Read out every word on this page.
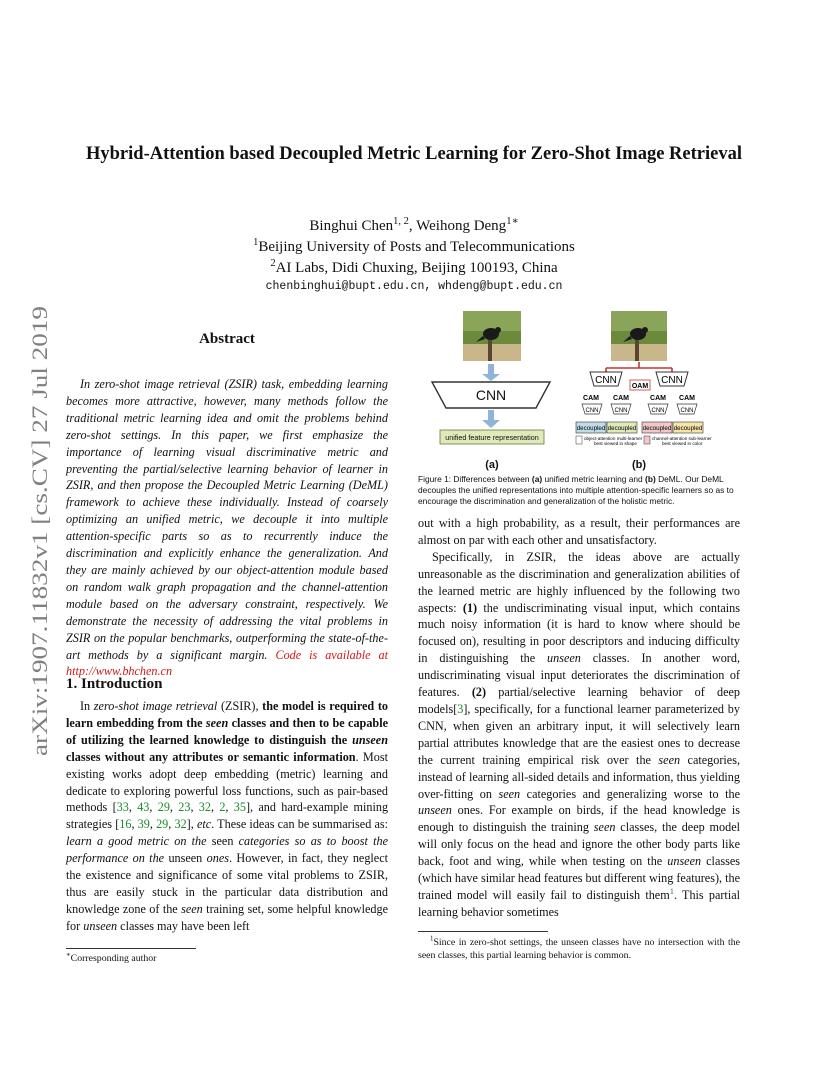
arXiv:1907.11832v1 [cs.CV] 27 Jul 2019
Hybrid-Attention based Decoupled Metric Learning for Zero-Shot Image Retrieval
Binghui Chen$^{1, 2}$, Weihong Deng$^{1∗}$
$^1$Beijing University of Posts and Telecommunications
$^2$AI Labs, Didi Chuxing, Beijing 100193, China
chenbinghui@bupt.edu.cn, whdeng@bupt.edu.cn
Abstract

In zero-shot image retrieval (ZSIR) task, embedding learning becomes more attractive, however, many methods follow the traditional metric learning idea and omit the problems behind zero-shot settings. In this paper, we first emphasize the importance of learning visual discriminative metric and preventing the partial/selective learning behavior of learner in ZSIR, and then propose the Decoupled Metric Learning (DeML) framework to achieve these individually. Instead of coarsely optimizing an unified metric, we decouple it into multiple attention-specific parts so as to recurrently induce the discrimination and explicitly enhance the generalization. And they are mainly achieved by our object-attention module based on random walk graph propagation and the channel-attention module based on the adversary constraint, respectively. We demonstrate the necessity of addressing the vital problems in ZSIR on the popular benchmarks, outperforming the state-of-the-art methods by a significant margin. Code is available at http://www.bhchen.cn

1. Introduction

In zero-shot image retrieval (ZSIR), the model is required to learn embedding from the seen classes and then to be capable of utilizing the learned knowledge to distinguish the unseen classes without any attributes or semantic information. Most existing works adopt deep embedding (metric) learning and dedicate to exploring powerful loss functions, such as pair-based methods [33, 43, 29, 23, 32, 2, 35], and hard-example mining strategies [16, 39, 29, 32], etc. These ideas can be summarised as: learn a good metric on the seen categories so as to boost the performance on the unseen ones. However, in fact, they neglect the existence and significance of some vital problems to ZSIR, thus are easily stuck in the particular data distribution and knowledge zone of the seen training set, some helpful knowledge for unseen classes may have been left

∗Corresponding author
CNN
unified feature representation
(a)
CNN	CNN
OAM
CAM CAM	CAM CAM
CNN	CNN	CNN	CNN
decoupled decoupled decoupled decoupled
object-attention multi-learner
best viewed in shape
channel-attention sub-learner
best viewed in color
(b)
Figure 1: Differences between (a) unified metric learning and (b) DeML. Our DeML decouples the unified representations into multiple attention-specific learners so as to encourage the discrimination and generalization of the holistic metric.

out with a high probability, as a result, their performances are almost on par with each other and unsatisfactory.

Specifically, in ZSIR, the ideas above are actually unreasonable as the discrimination and generalization abilities of the learned metric are highly influenced by the following two aspects: (1) the undiscriminating visual input, which contains much noisy information (it is hard to know where should be focused on), resulting in poor descriptors and inducing difficulty in distinguishing the unseen classes. In another word, undiscriminating visual input deteriorates the discrimination of features. (2) partial/selective learning behavior of deep models[3], specifically, for a functional learner parameterized by CNN, when given an arbitrary input, it will selectively learn partial attributes knowledge that are the easiest ones to decrease the current training empirical risk over the seen categories, instead of learning all-sided details and information, thus yielding over-fitting on seen categories and generalizing worse to the unseen ones. For example on birds, if the head knowledge is enough to distinguish the training seen classes, the deep model will only focus on the head and ignore the other body parts like back, foot and wing, while when testing on the unseen classes (which have similar head features but different wing features), the trained model will easily fail to distinguish them$^1$. This partial learning behavior sometimes

$^1$Since in zero-shot settings, the unseen classes have no intersection with the seen classes, this partial learning behavior is common.
